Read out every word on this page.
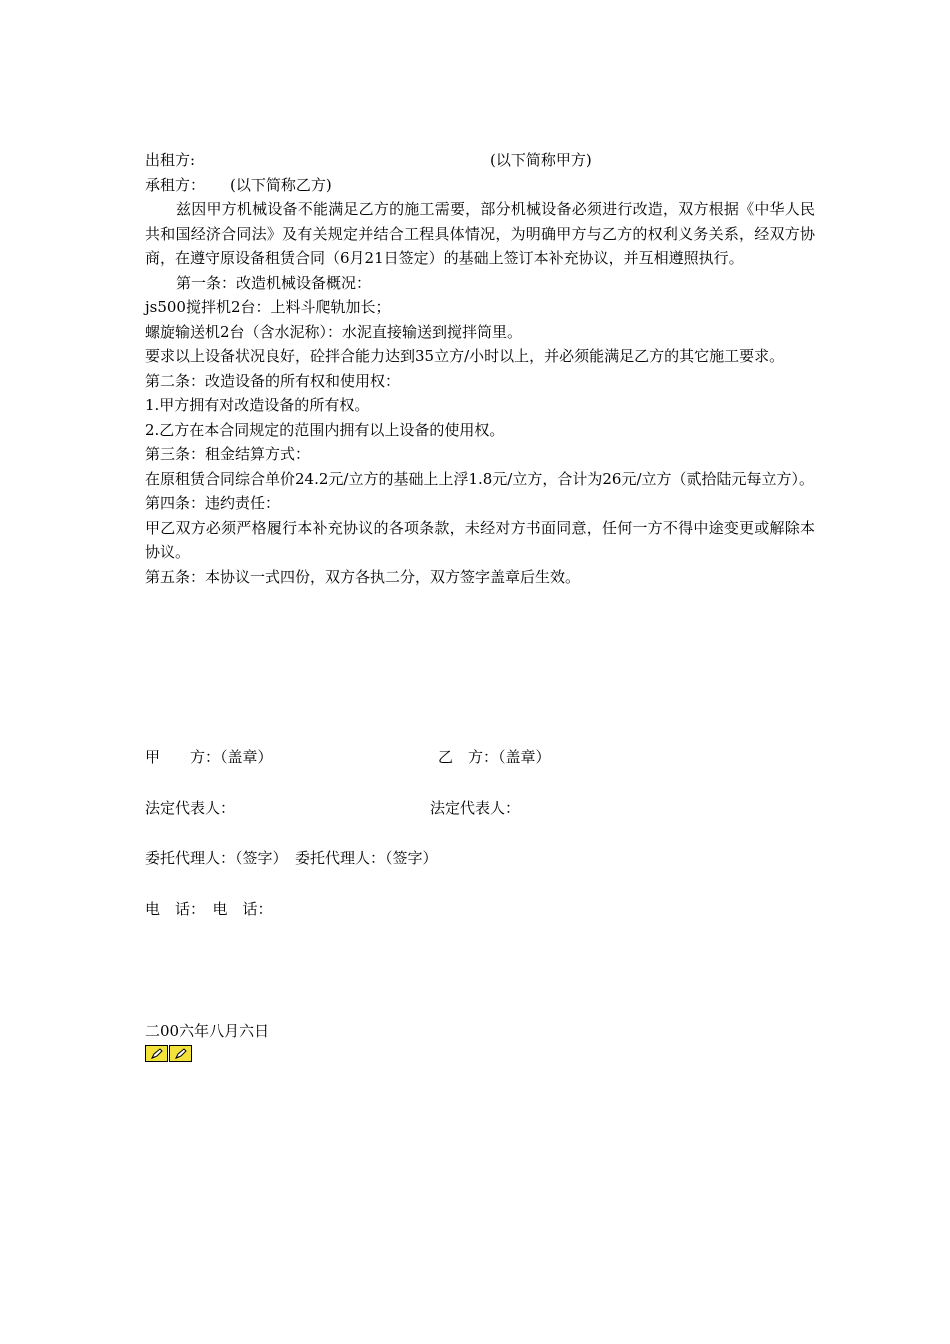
出租方:	(以下简称甲方)
承租方： (以下简称乙方)
兹因甲方机械设备不能满足乙方的施工需要，部分机械设备必须进行改造，双方根据《中华人民共和国经济合同法》及有关规定并结合工程具体情况，为明确甲方与乙方的权利义务关系，经双方协商，在遵守原设备租赁合同（6月21日签定）的基础上签订本补充协议，并互相遵照执行。
第一条：改造机械设备概况：
js500搅拌机2台：上料斗爬轨加长；
螺旋输送机2台（含水泥称）：水泥直接输送到搅拌筒里。
要求以上设备状况良好，砼拌合能力达到35立方/小时以上，并必须能满足乙方的其它施工要求。
第二条：改造设备的所有权和使用权：
1.甲方拥有对改造设备的所有权。
2.乙方在本合同规定的范围内拥有以上设备的使用权。
第三条：租金结算方式：
在原租赁合同综合单价24.2元/立方的基础上上浮1.8元/立方，合计为26元/立方（贰拾陆元每立方）。
第四条：违约责任：
甲乙双方必须严格履行本补充协议的各项条款，未经对方书面同意，任何一方不得中途变更或解除本协议。
第五条：本协议一式四份，双方各执二分，双方签字盖章后生效。
甲　　方：（盖章）	乙　方：（盖章）
法定代表人：	法定代表人：
委托代理人：（签字）　委托代理人：（签字）
电　话：　电　话：
二00六年八月六日
